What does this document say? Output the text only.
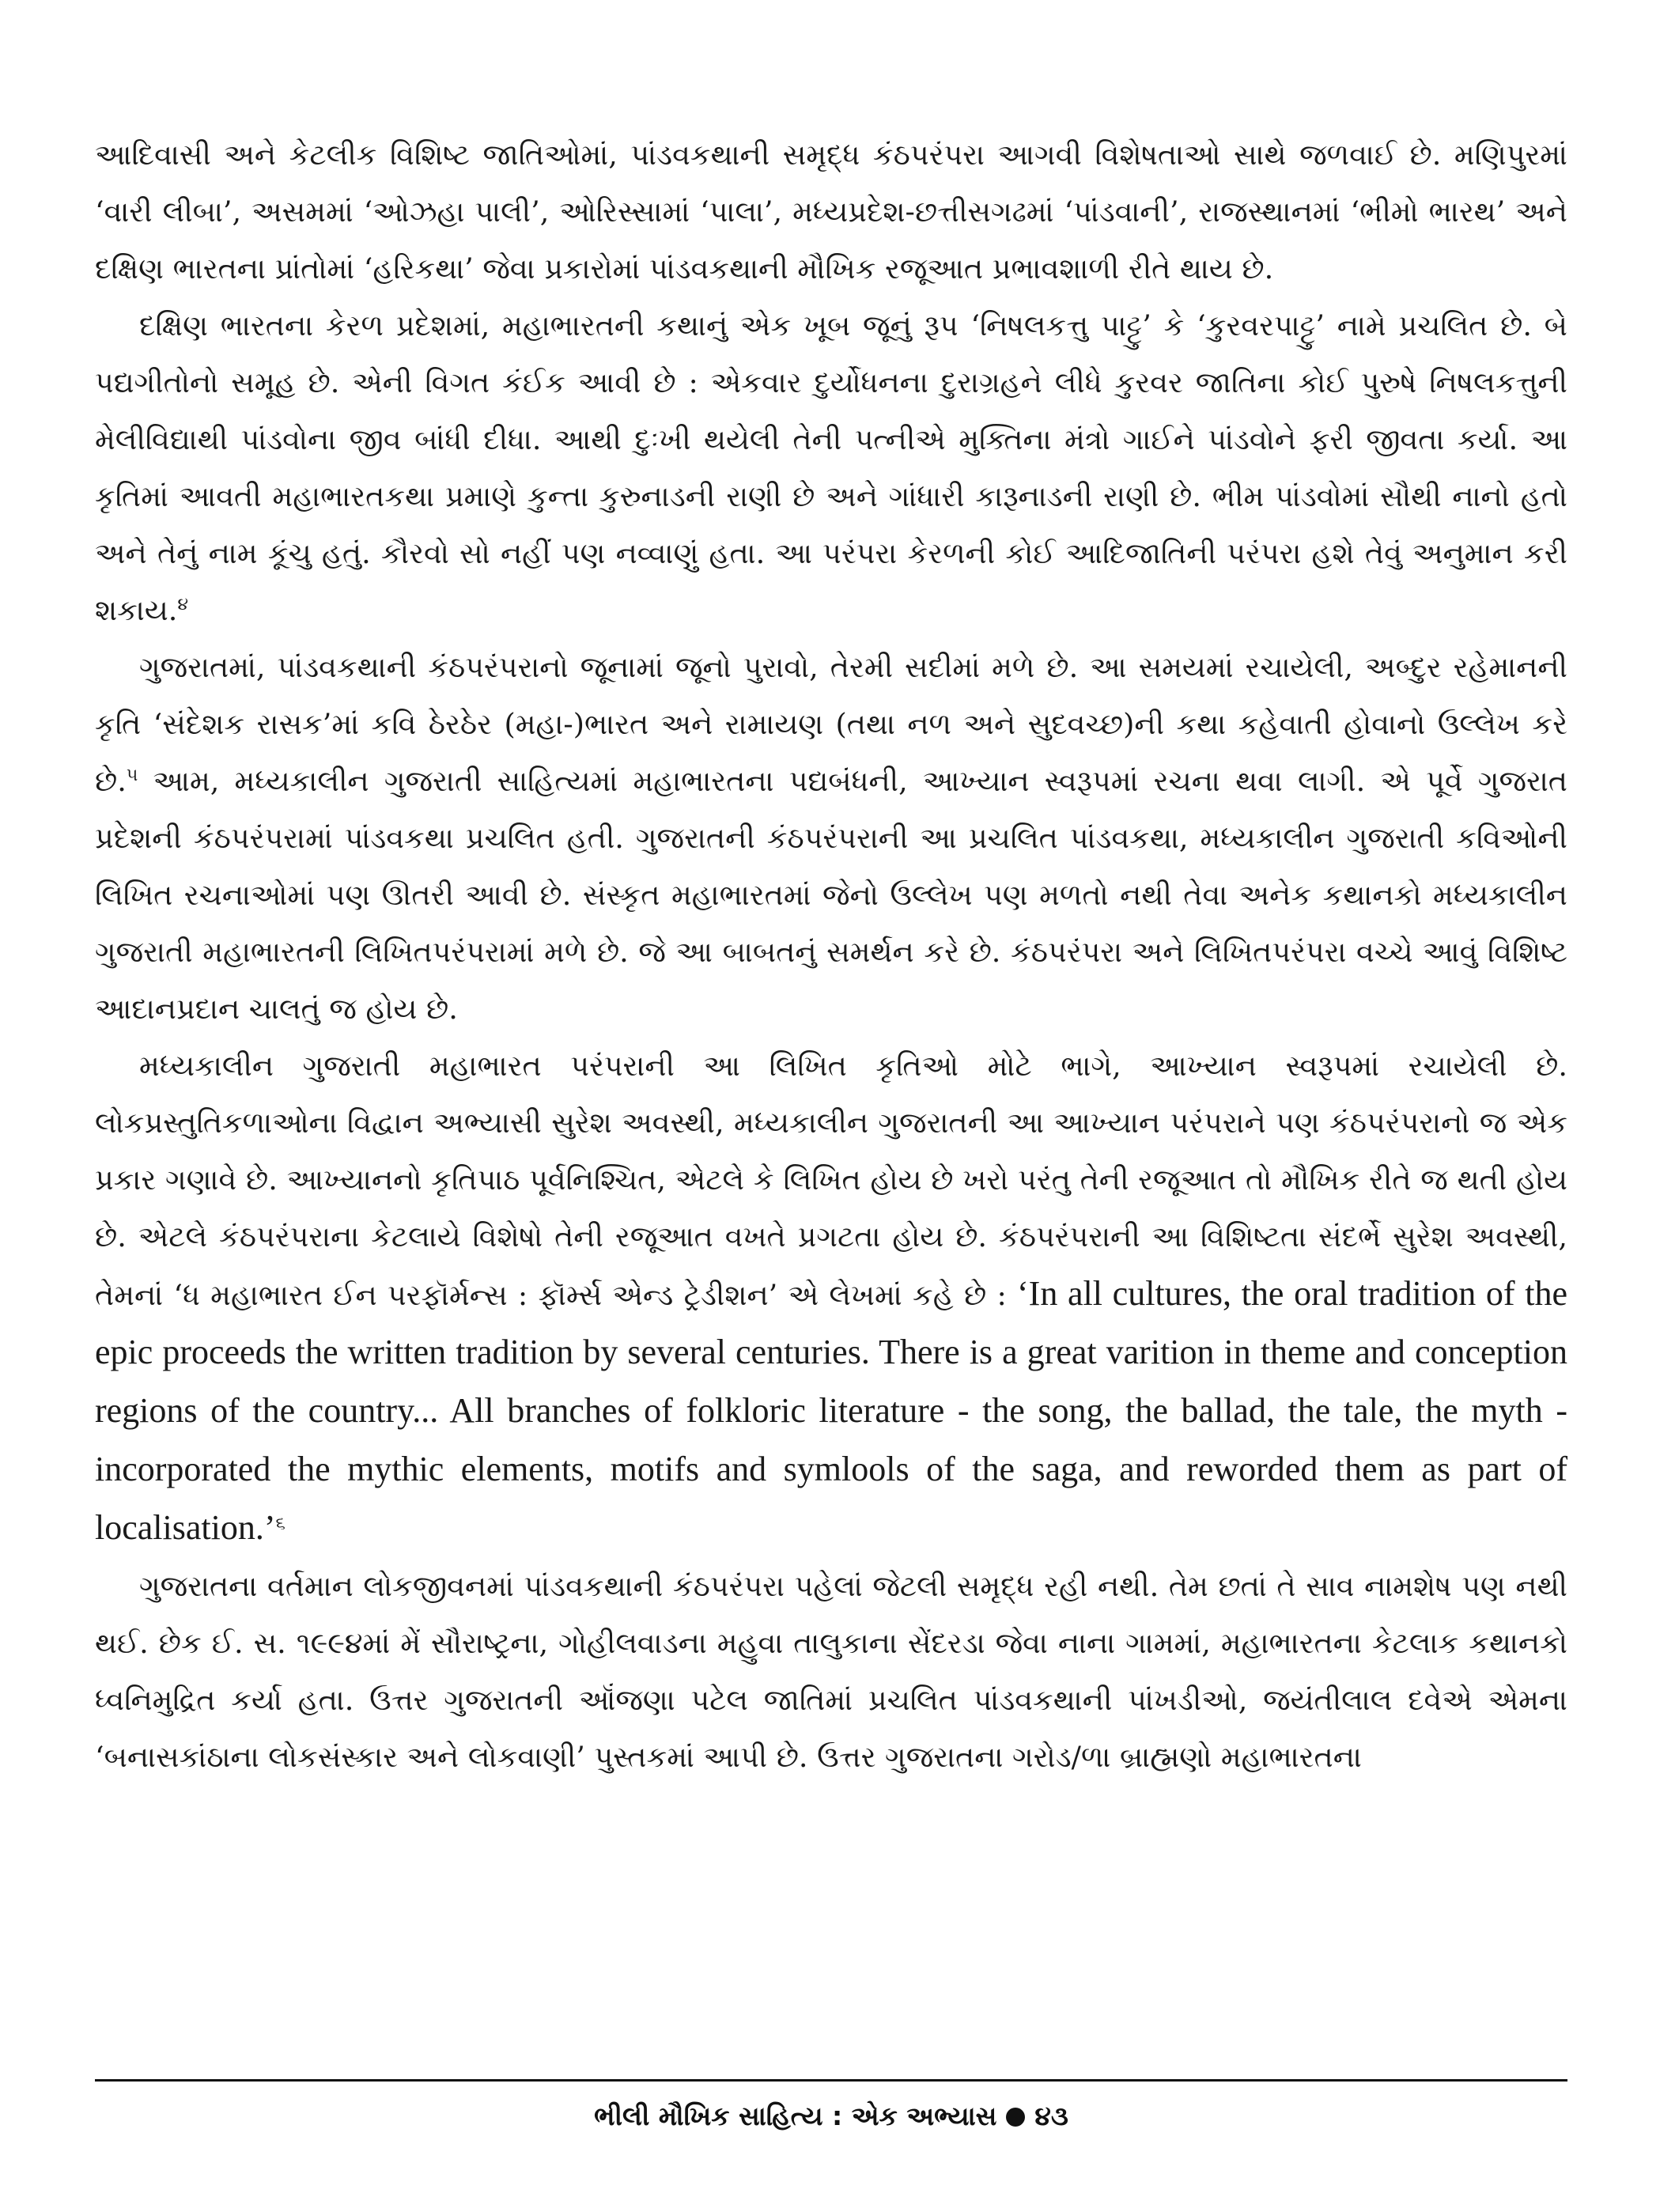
આદિવાસી અને કેટલીક વિશિષ્ટ જાતિઓમાં, પાંડવકથાની સમૃદ્ધ કંઠપરંપરા આગવી વિશેષતાઓ સાથે જળવાઈ છે. મણિપુરમાં ‘વારી લીબા’, અસમમાં ‘ઓઝહા પાલી’, ઓરિસ્સામાં ‘પાલા’, મધ્યપ્રદેશ-છત્તીસગઢમાં ‘પાંડવાની’, રાજસ્થાનમાં ‘ભીમો ભારથ’ અને દક્ષિણ ભારતના પ્રાંતોમાં ‘હરિકથા’ જેવા પ્રકારોમાં પાંડવકથાની મૌખિક રજૂઆત પ્રભાવશાળી રીતે થાય છે.

દક્ષિણ ભારતના કેરળ પ્રદેશમાં, મહાભારતની કથાનું એક ખૂબ જૂનું રૂપ ‘નિષલકત્તુ પાટ્ટુ’ કે ‘કુરવરપાટ્ટુ’ નામે પ્રચલિત છે. બે પદ્યગીતોનો સમૂહ છે. એની વિગત કંઈક આવી છે : એકવાર દુર્યોધનના દુરાગ્રહને લીધે કુરવર જાતિના કોઈ પુરુષે નિષલકત્તુની મેલીવિદ્યાથી પાંડવોના જીવ બાંધી દીધા. આથી દુઃખી થયેલી તેની પત્નીએ મુક્તિના મંત્રો ગાઈને પાંડવોને ફરી જીવતા કર્યા. આ કૃતિમાં આવતી મહાભારતકથા પ્રમાણે કુન્તા કુરુનાડની રાણી છે અને ગાંધારી કારૂનાડની રાણી છે. ભીમ પાંડવોમાં સૌથી નાનો હતો અને તેનું નામ કૂંચુ હતું. કૌરવો સો નહીં પણ નવ્વાણું હતા. આ પરંપરા કેરળની કોઈ આદિજાતિની પરંપરા હશે તેવું અનુમાન કરી શકાય.$^૪$

ગુજરાતમાં, પાંડવકથાની કંઠપરંપરાનો જૂનામાં જૂનો પુરાવો, તેરમી સદીમાં મળે છે. આ સમયમાં રચાયેલી, અબ્દુર રહેમાનની કૃતિ ‘સંદેશક રાસક’માં કવિ ઠેરઠેર (મહા-)ભારત અને રામાયણ (તથા નળ અને સુદવચ્છ)ની કથા કહેવાતી હોવાનો ઉલ્લેખ કરે છે.$^૫$ આમ, મધ્યકાલીન ગુજરાતી સાહિત્યમાં મહાભારતના પદ્યબંધની, આખ્યાન સ્વરૂપમાં રચના થવા લાગી. એ પૂર્વે ગુજરાત પ્રદેશની કંઠપરંપરામાં પાંડવકથા પ્રચલિત હતી. ગુજરાતની કંઠપરંપરાની આ પ્રચલિત પાંડવકથા, મધ્યકાલીન ગુજરાતી કવિઓની લિખિત રચનાઓમાં પણ ઊતરી આવી છે. સંસ્કૃત મહાભારતમાં જેનો ઉલ્લેખ પણ મળતો નથી તેવા અનેક કથાનકો મધ્યકાલીન ગુજરાતી મહાભારતની લિખિતપરંપરામાં મળે છે. જે આ બાબતનું સમર્થન કરે છે. કંઠપરંપરા અને લિખિતપરંપરા વચ્ચે આવું વિશિષ્ટ આદાનપ્રદાન ચાલતું જ હોય છે.

મધ્યકાલીન ગુજરાતી મહાભારત પરંપરાની આ લિખિત કૃતિઓ મોટે ભાગે, આખ્યાન સ્વરૂપમાં રચાયેલી છે. લોકપ્રસ્તુતિકળાઓના વિદ્વાન અભ્યાસી સુરેશ અવસ્થી, મધ્યકાલીન ગુજરાતની આ આખ્યાન પરંપરાને પણ કંઠપરંપરાનો જ એક પ્રકાર ગણાવે છે. આખ્યાનનો કૃતિપાઠ પૂર્વનિશ્ચિત, એટલે કે લિખિત હોય છે ખરો પરંતુ તેની રજૂઆત તો મૌખિક રીતે જ થતી હોય છે. એટલે કંઠપરંપરાના કેટલાયે વિશેષો તેની રજૂઆત વખતે પ્રગટતા હોય છે. કંઠપરંપરાની આ વિશિષ્ટતા સંદર્ભે સુરેશ અવસ્થી, તેમનાં ‘ધ મહાભારત ઈન પરફૉર્મન્સ : ફૉર્મ્સ એન્ડ ટ્રેડીશન’ એ લેખમાં કહે છે : ‘In all cultures, the oral tradition of the epic proceeds the written tradition by several centuries. There is a great varition in theme and conception regions of the country... All branches of folkloric literature - the song, the ballad, the tale, the myth - incorporated the mythic elements, motifs and symlools of the saga, and reworded them as part of localisation.’$^૬$

ગુજરાતના વર્તમાન લોકજીવનમાં પાંડવકથાની કંઠપરંપરા પહેલાં જેટલી સમૃદ્ધ રહી નથી. તેમ છતાં તે સાવ નામશેષ પણ નથી થઈ. છેક ઈ. સ. ૧૯૯૪માં મેં સૌરાષ્ટ્રના, ગોહીલવાડના મહુવા તાલુકાના સેંદરડા જેવા નાના ગામમાં, મહાભારતના કેટલાક કથાનકો ધ્વનિમુદ્રિત કર્યા હતા. ઉત્તર ગુજરાતની ઑંજણા પટેલ જાતિમાં પ્રચલિત પાંડવકથાની પાંખડીઓ, જયંતીલાલ દવેએ એમના ‘બનાસકાંઠાના લોકસંસ્કાર અને લોકવાણી’ પુસ્તકમાં આપી છે. ઉત્તર ગુજરાતના ગરોડ/ળા બ્રાહ્મણો મહાભારતના

ભીલી મૌખિક સાહિત્ય : એક અભ્યાસ ૪૩
